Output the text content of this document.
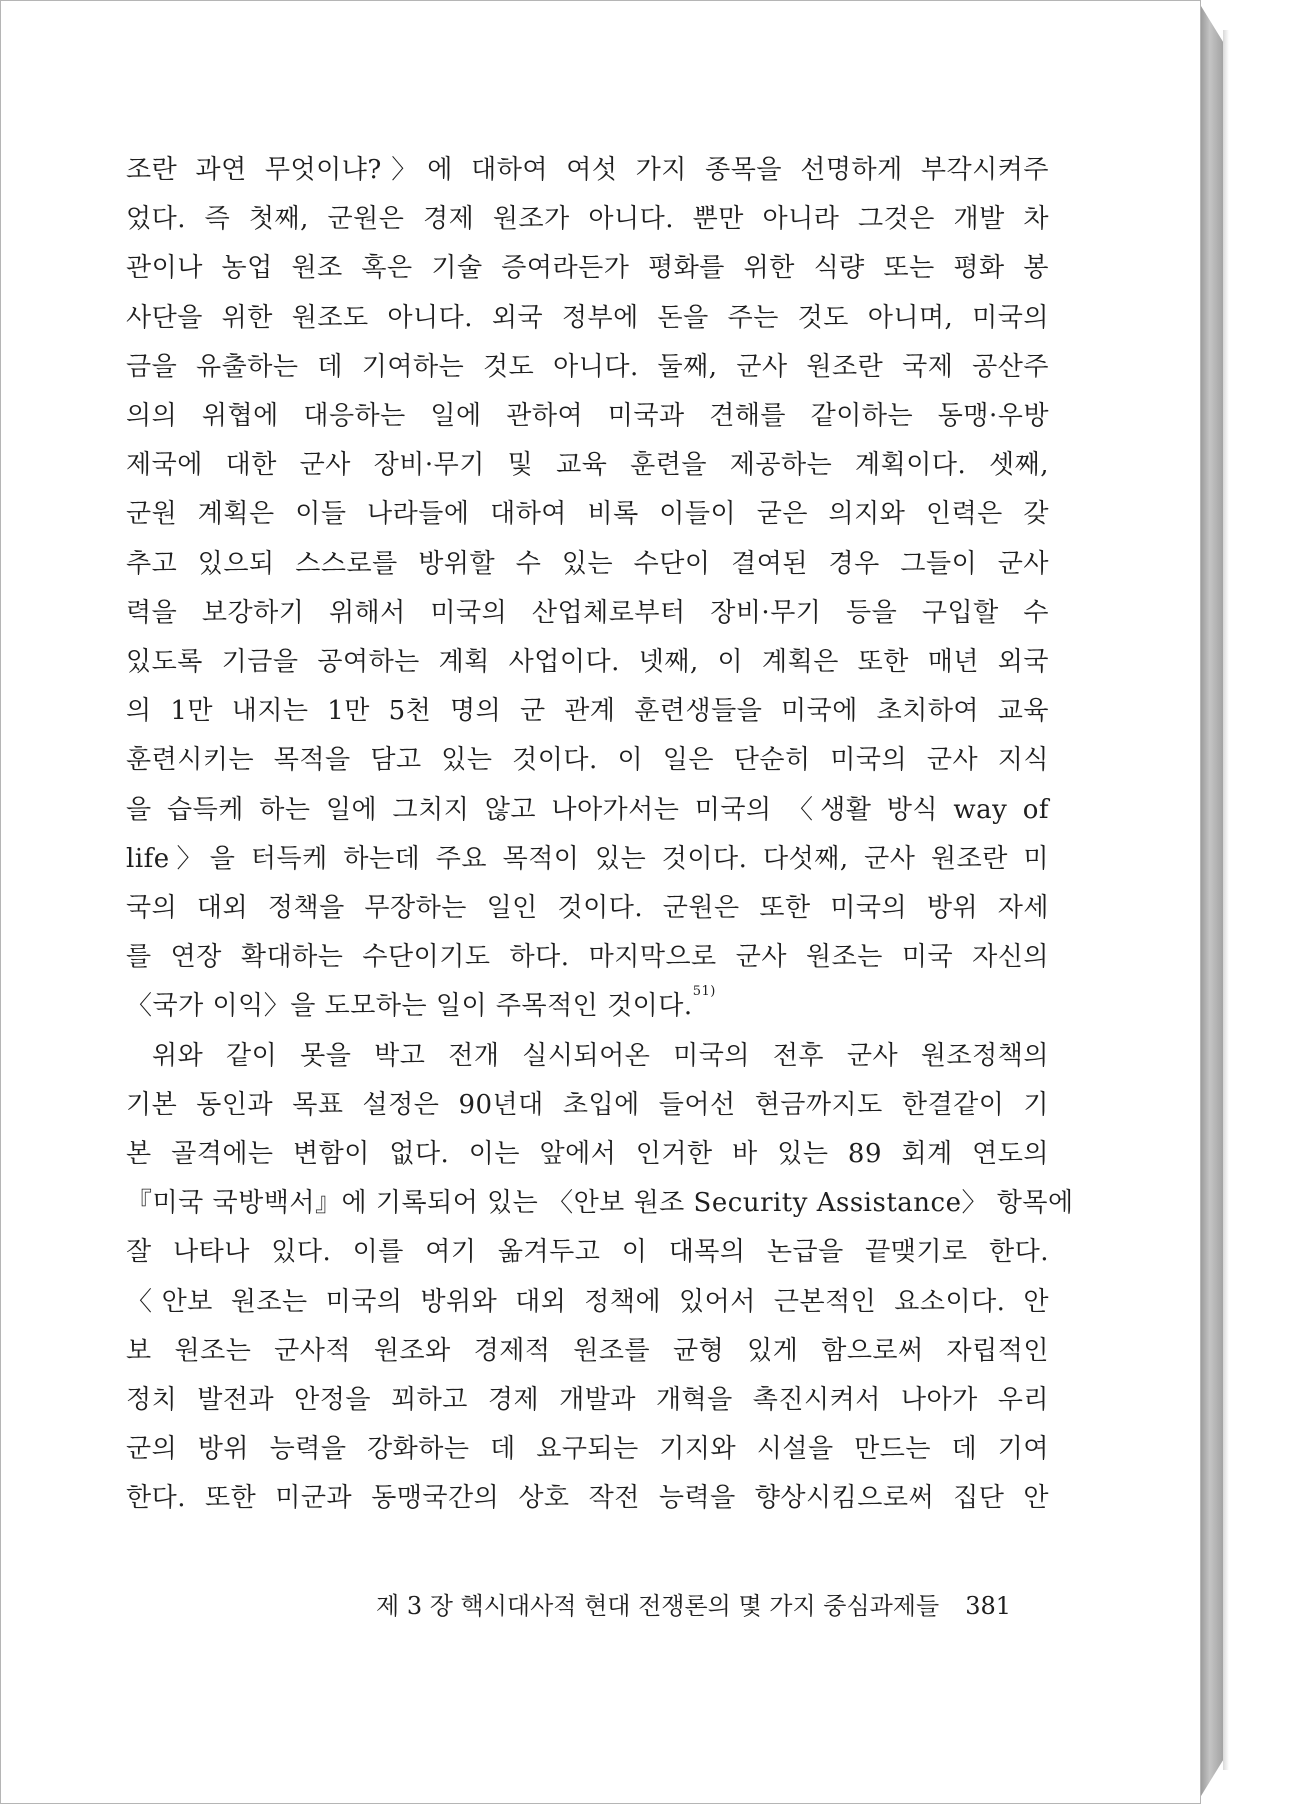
조란 과연 무엇이냐?〉에 대하여 여섯 가지 종목을 선명하게 부각시켜주
었다. 즉 첫째, 군원은 경제 원조가 아니다. 뿐만 아니라 그것은 개발 차
관이나 농업 원조 혹은 기술 증여라든가 평화를 위한 식량 또는 평화 봉
사단을 위한 원조도 아니다. 외국 정부에 돈을 주는 것도 아니며, 미국의
금을 유출하는 데 기여하는 것도 아니다. 둘째, 군사 원조란 국제 공산주
의의 위협에 대응하는 일에 관하여 미국과 견해를 같이하는 동맹·우방
제국에 대한 군사 장비·무기 및 교육 훈련을 제공하는 계획이다. 셋째,
군원 계획은 이들 나라들에 대하여 비록 이들이 굳은 의지와 인력은 갖
추고 있으되 스스로를 방위할 수 있는 수단이 결여된 경우 그들이 군사
력을 보강하기 위해서 미국의 산업체로부터 장비·무기 등을 구입할 수
있도록 기금을 공여하는 계획 사업이다. 넷째, 이 계획은 또한 매년 외국
의 1만 내지는 1만 5천 명의 군 관계 훈련생들을 미국에 초치하여 교육
훈련시키는 목적을 담고 있는 것이다. 이 일은 단순히 미국의 군사 지식
을 습득케 하는 일에 그치지 않고 나아가서는 미국의 〈생활 방식 way of
life〉을 터득케 하는데 주요 목적이 있는 것이다. 다섯째, 군사 원조란 미
국의 대외 정책을 무장하는 일인 것이다. 군원은 또한 미국의 방위 자세
를 연장 확대하는 수단이기도 하다. 마지막으로 군사 원조는 미국 자신의
〈국가 이익〉을 도모하는 일이 주목적인 것이다.$^{51)}$
위와 같이 못을 박고 전개 실시되어온 미국의 전후 군사 원조정책의
기본 동인과 목표 설정은 90년대 초입에 들어선 현금까지도 한결같이 기
본 골격에는 변함이 없다. 이는 앞에서 인거한 바 있는 89 회계 연도의
『미국 국방백서』에 기록되어 있는 〈안보 원조 Security Assistance〉 항목에
잘 나타나 있다. 이를 여기 옮겨두고 이 대목의 논급을 끝맺기로 한다.
〈안보 원조는 미국의 방위와 대외 정책에 있어서 근본적인 요소이다. 안
보 원조는 군사적 원조와 경제적 원조를 균형 있게 함으로써 자립적인
정치 발전과 안정을 꾀하고 경제 개발과 개혁을 촉진시켜서 나아가 우리
군의 방위 능력을 강화하는 데 요구되는 기지와 시설을 만드는 데 기여
한다. 또한 미군과 동맹국간의 상호 작전 능력을 향상시킴으로써 집단 안
제 3 장 핵시대사적 현대 전쟁론의 몇 가지 중심과제들 381
